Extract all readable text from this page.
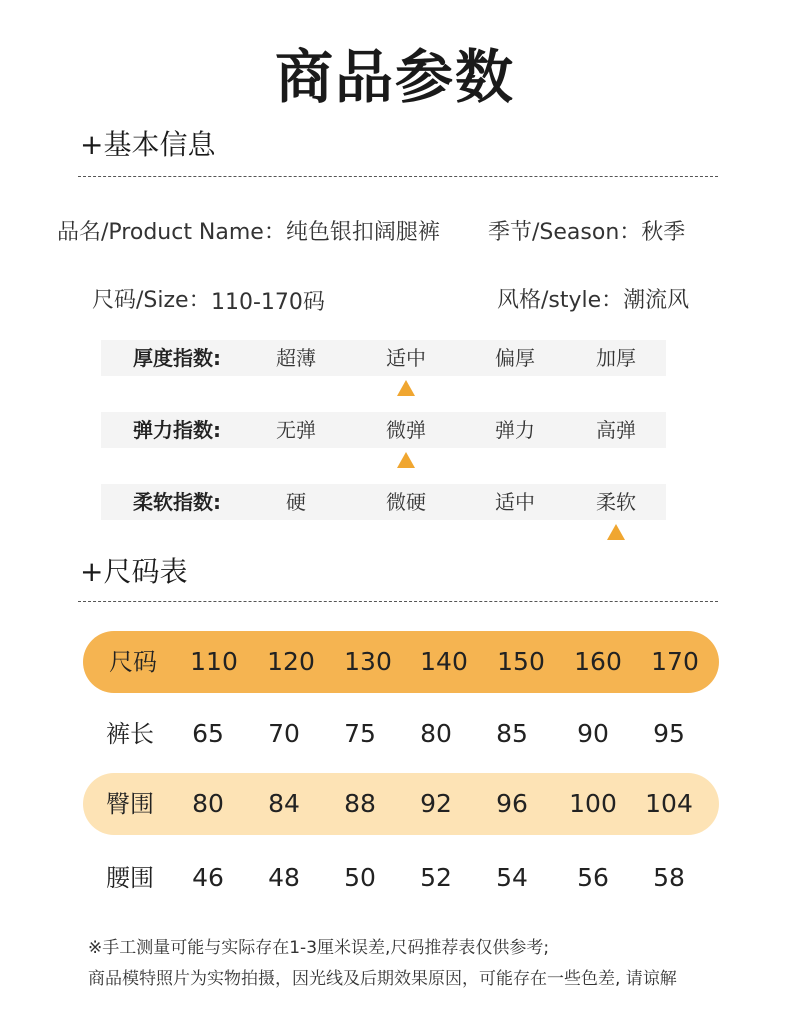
商品参数
+基本信息
品名/Product Name：纯色银扣阔腿裤 季节/Season：秋季
尺码/Size： 110-170码	风格/style：潮流风
厚度指数:	超薄	适中	偏厚	加厚
弹力指数:	无弹	微弹	弹力	高弹
柔软指数:	硬	微硬	适中	柔软
+尺码表
尺码 110 120 130 140 150 160 170
裤长 65 70 75 80 85 90 95
臀围 80 84 88 92 96 100 104
腰围 46 48 50 52 54 56 58
※手工测量可能与实际存在1-3厘米误差,尺码推荐表仅供参考;
商品模特照片为实物拍摄，因光线及后期效果原因，可能存在一些色差, 请谅解
